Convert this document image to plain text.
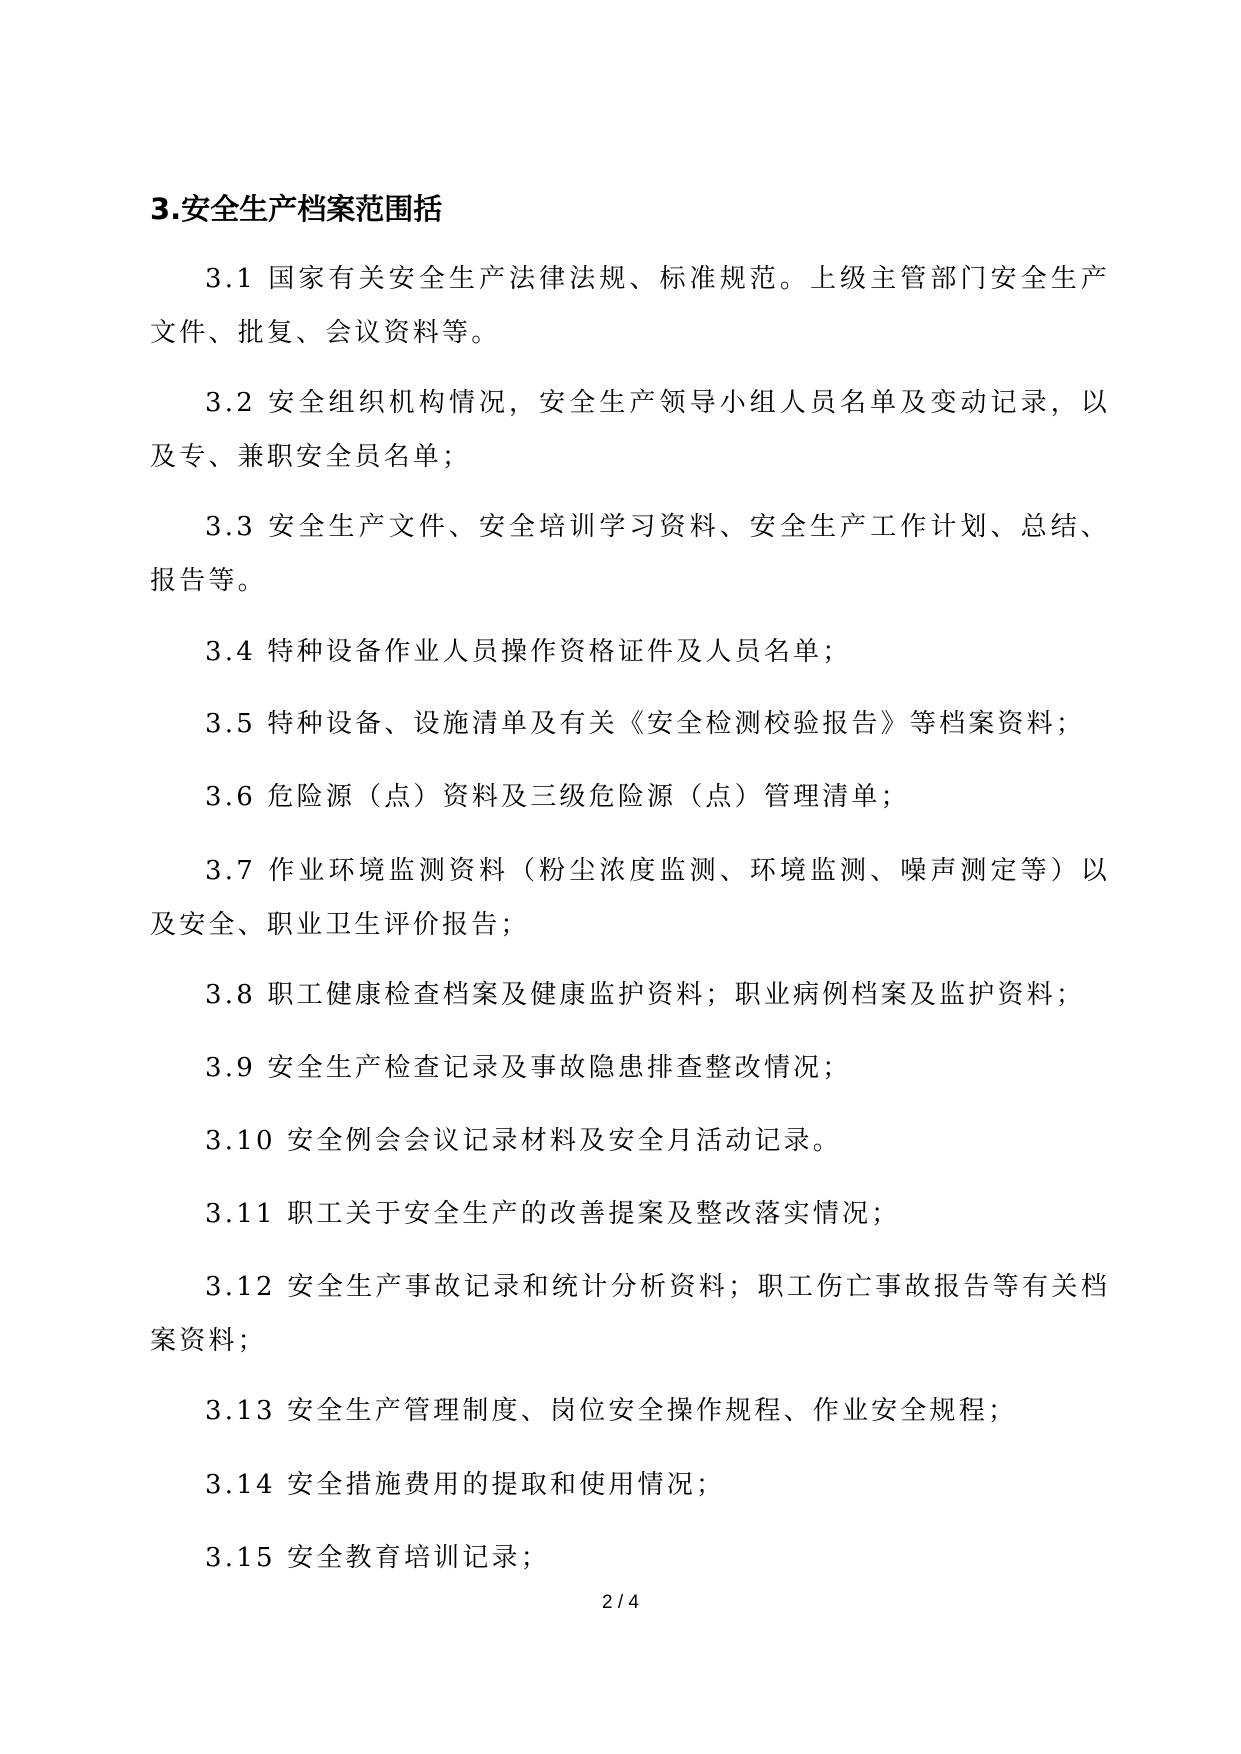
3.安全生产档案范围括

3.1 国家有关安全生产法律法规、标准规范。上级主管部门安全生产文件、批复、会议资料等。

3.2 安全组织机构情况，安全生产领导小组人员名单及变动记录，以及专、兼职安全员名单；

3.3 安全生产文件、安全培训学习资料、安全生产工作计划、总结、报告等。

3.4 特种设备作业人员操作资格证件及人员名单；

3.5 特种设备、设施清单及有关《安全检测校验报告》等档案资料；

3.6 危险源（点）资料及三级危险源（点）管理清单；

3.7 作业环境监测资料（粉尘浓度监测、环境监测、噪声测定等）以及安全、职业卫生评价报告；

3.8 职工健康检查档案及健康监护资料；职业病例档案及监护资料；

3.9 安全生产检查记录及事故隐患排查整改情况；

3.10 安全例会会议记录材料及安全月活动记录。

3.11 职工关于安全生产的改善提案及整改落实情况；

3.12 安全生产事故记录和统计分析资料；职工伤亡事故报告等有关档案资料；

3.13 安全生产管理制度、岗位安全操作规程、作业安全规程；

3.14 安全措施费用的提取和使用情况；

3.15 安全教育培训记录；

2 / 4
